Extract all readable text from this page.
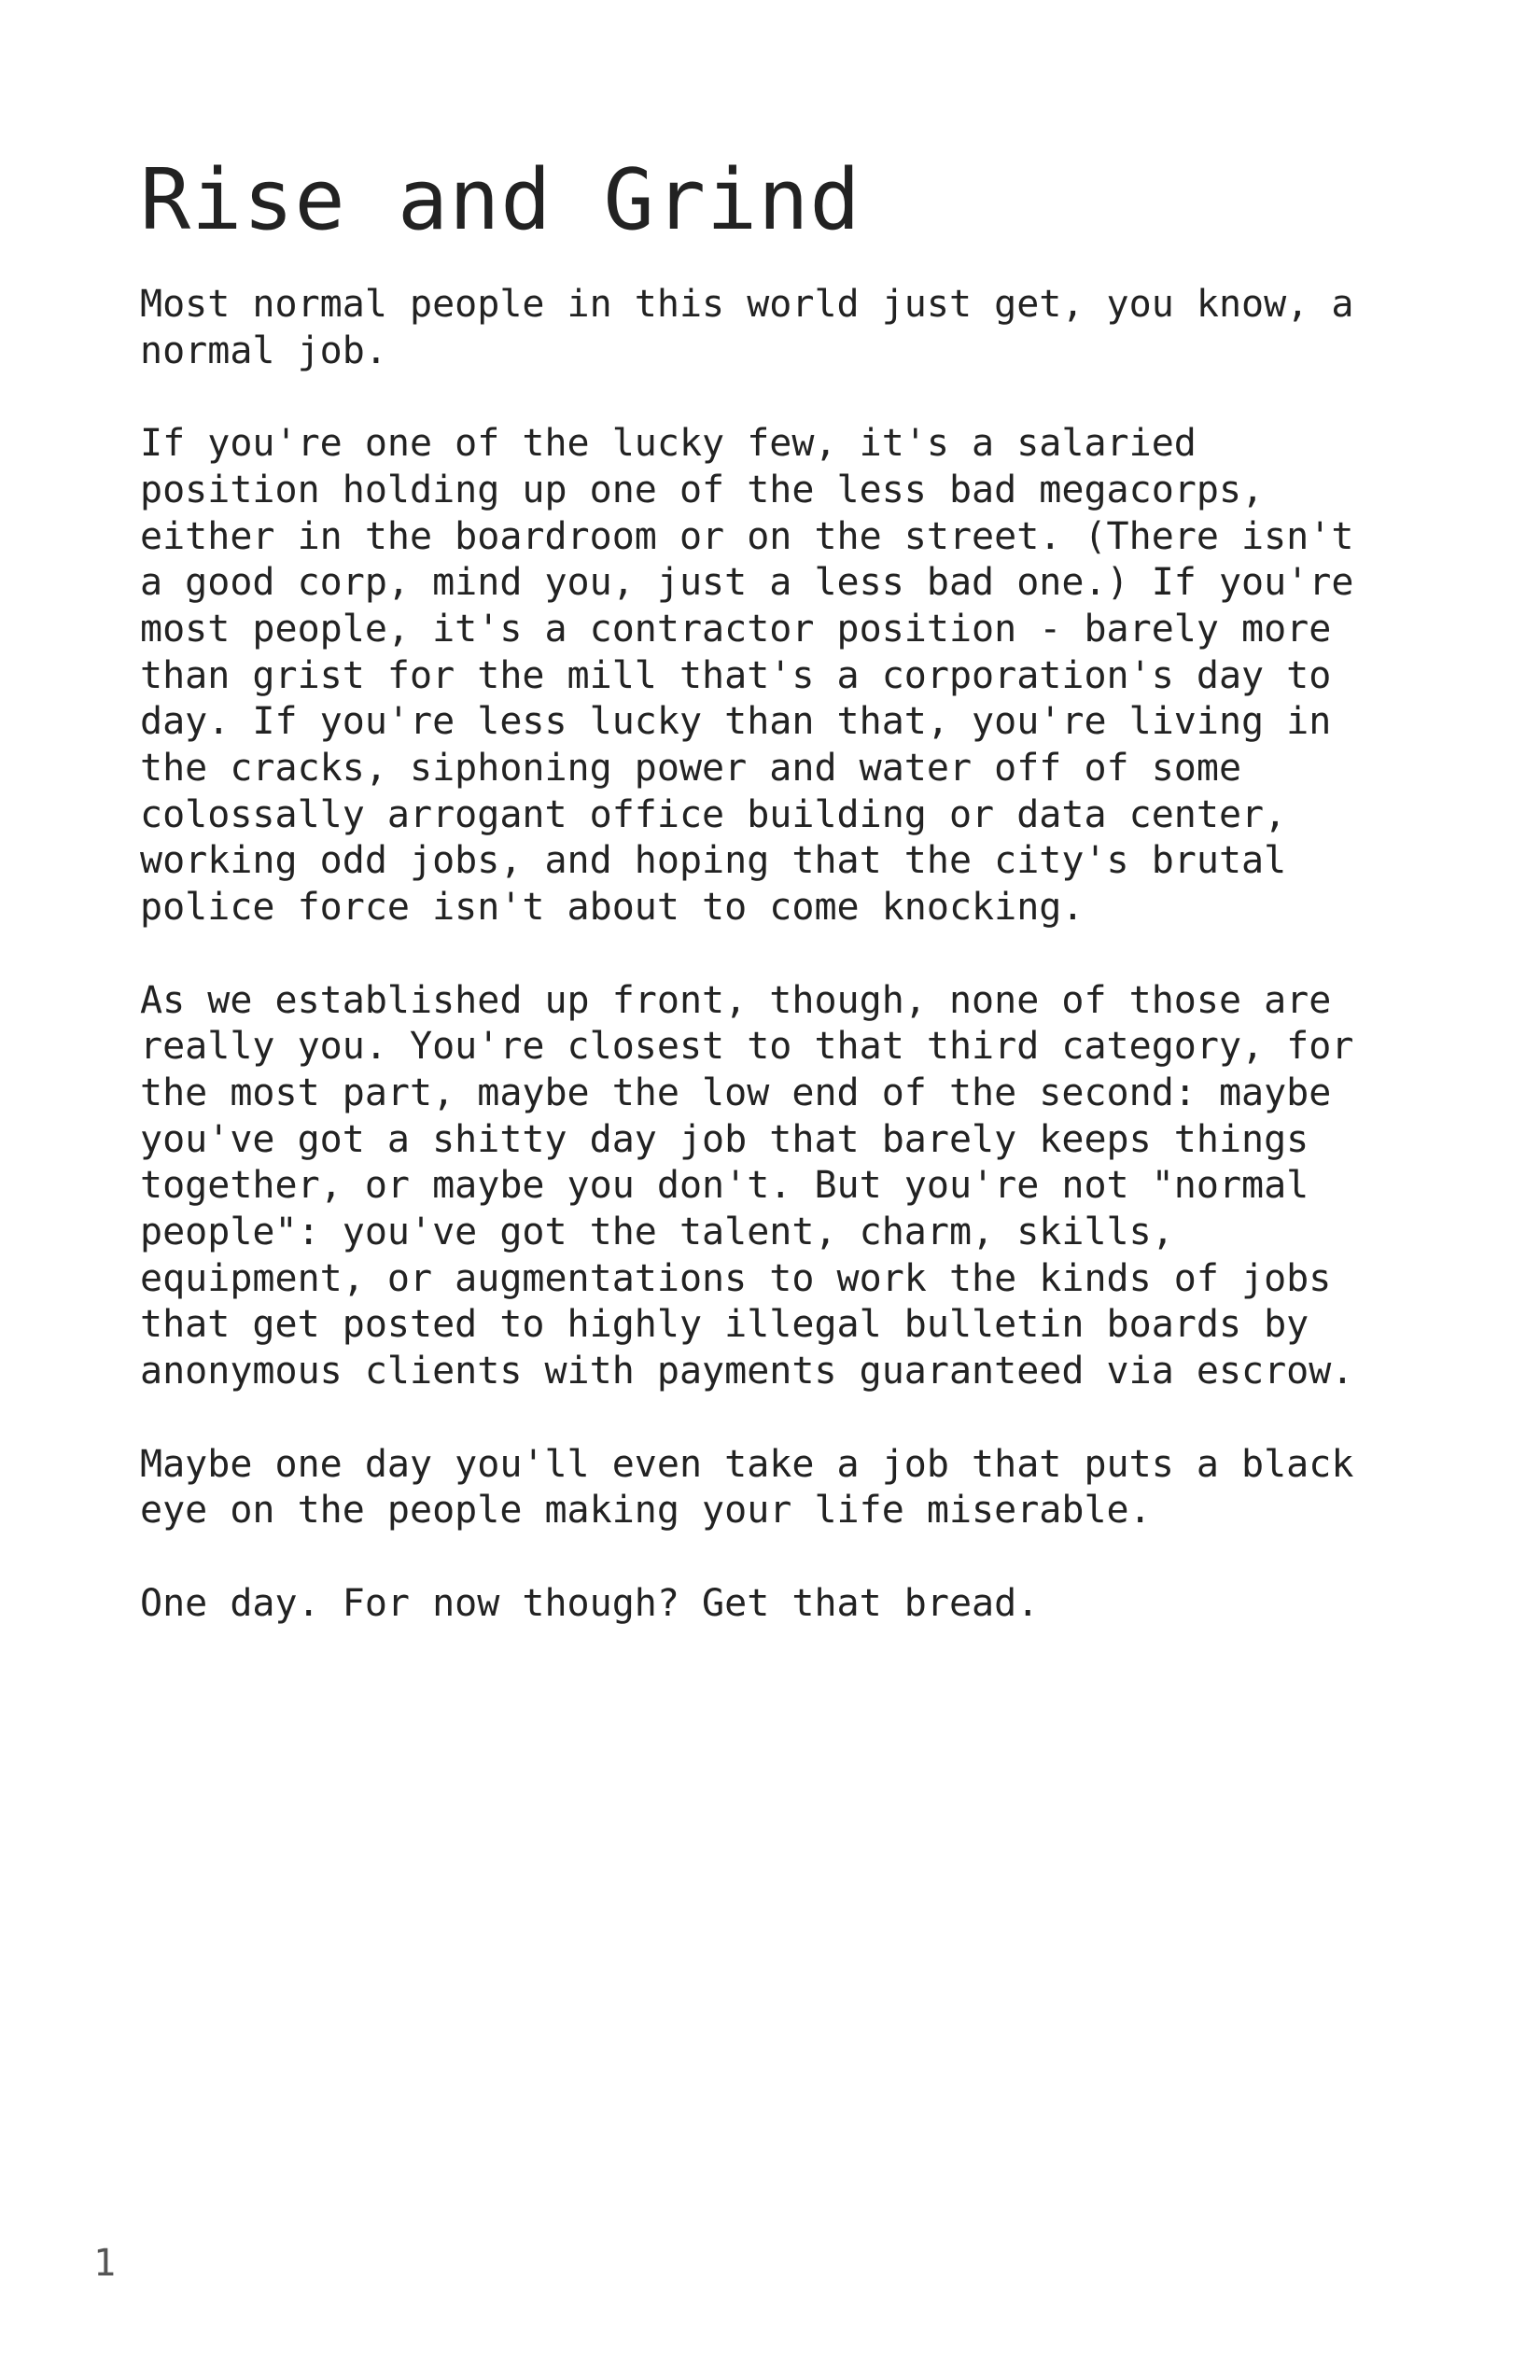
Rise and Grind

Most normal people in this world just get, you know, a
normal job.

If you're one of the lucky few, it's a salaried
position holding up one of the less bad megacorps,
either in the boardroom or on the street. (There isn't
a good corp, mind you, just a less bad one.) If you're
most people, it's a contractor position - barely more
than grist for the mill that's a corporation's day to
day. If you're less lucky than that, you're living in
the cracks, siphoning power and water off of some
colossally arrogant office building or data center,
working odd jobs, and hoping that the city's brutal
police force isn't about to come knocking.

As we established up front, though, none of those are
really you. You're closest to that third category, for
the most part, maybe the low end of the second: maybe
you've got a shitty day job that barely keeps things
together, or maybe you don't. But you're not "normal
people": you've got the talent, charm, skills,
equipment, or augmentations to work the kinds of jobs
that get posted to highly illegal bulletin boards by
anonymous clients with payments guaranteed via escrow.

Maybe one day you'll even take a job that puts a black
eye on the people making your life miserable.

One day. For now though? Get that bread.

1
